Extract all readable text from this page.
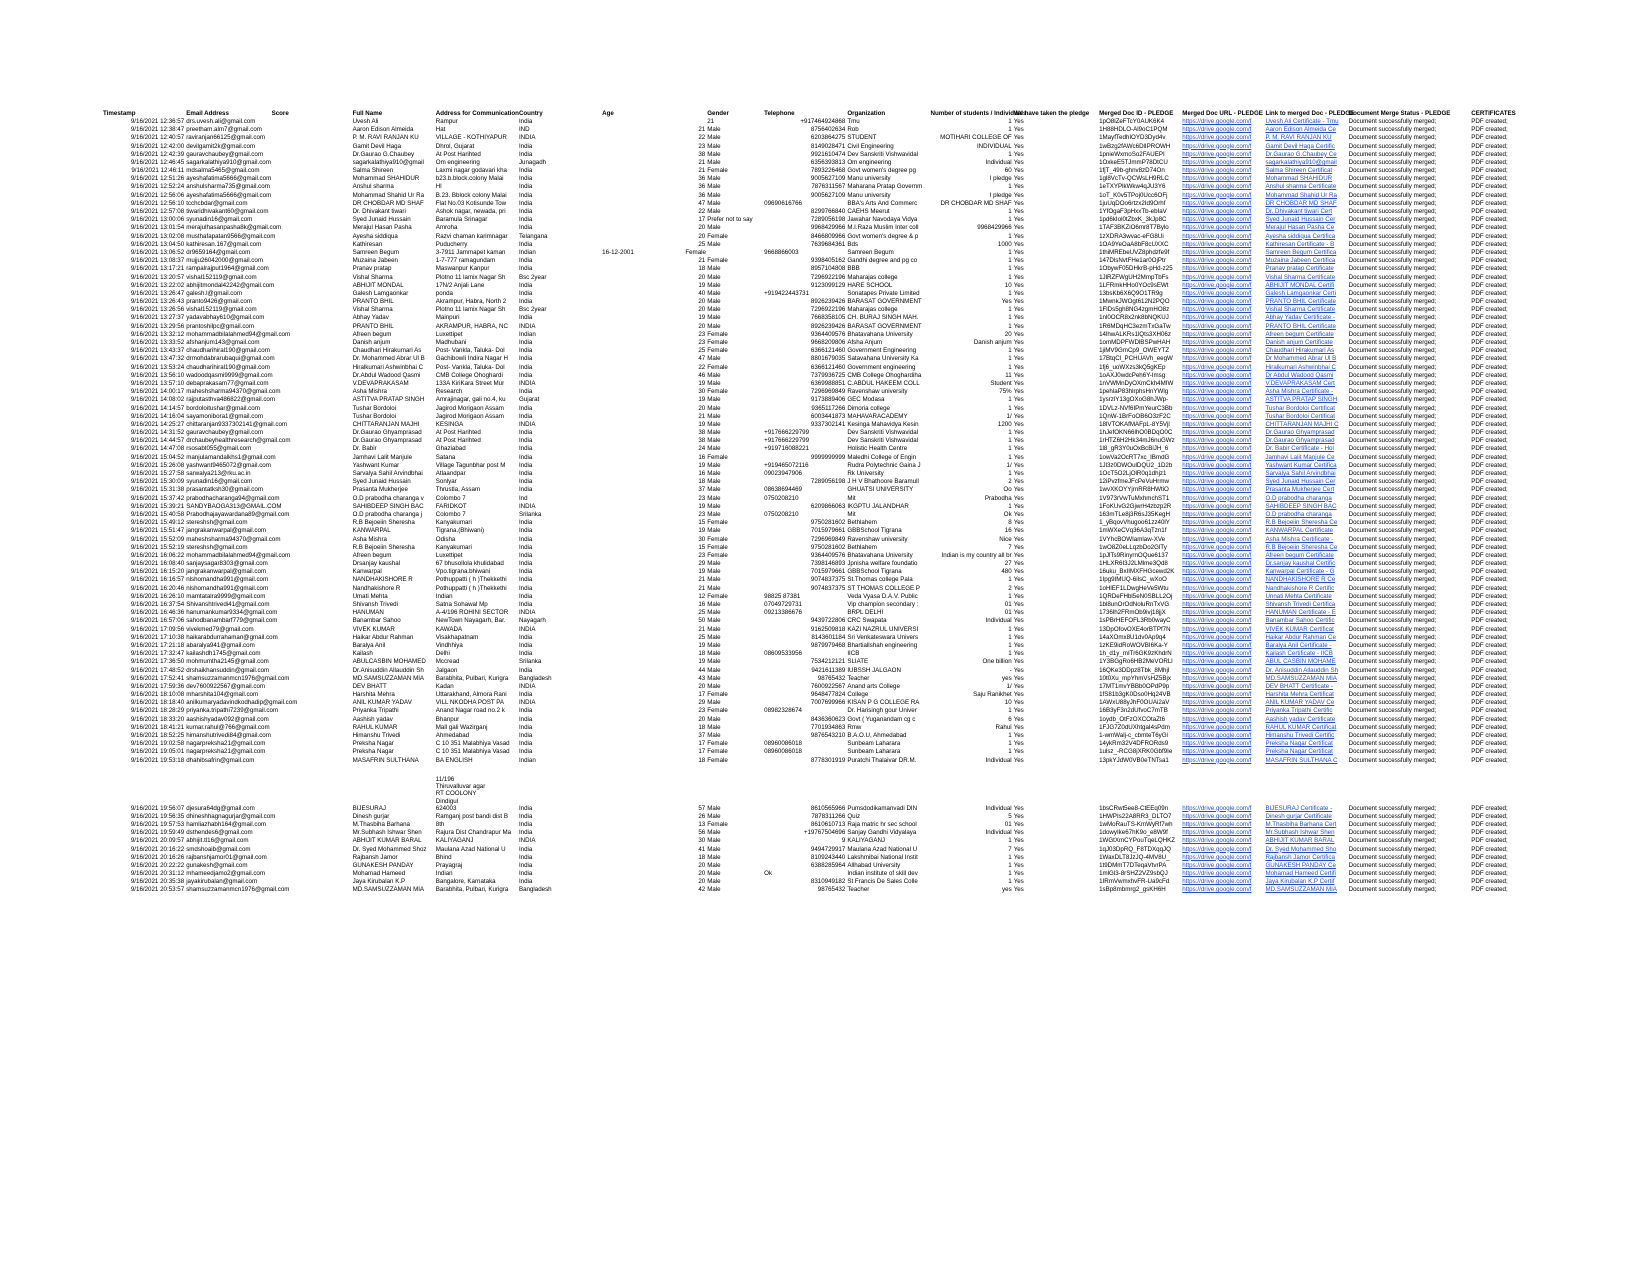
Timestamp	Email Address	Score	Full Name	Address for Communication	Country	Age		Gender	Telephone	Organization	Number of students / Individuals	We have taken the pledge		Merged Doc ID - PLEDGE	Merged Doc URL - PLEDGE	Link to merged Doc - PLEDGE	Document Merge Status - PLEDGE	CERTIFICATES
9/16/2021 12:36:57	drs.uvesh.ali@gmail.com		Uvesh Ali	Rampur	India			21	+917464924868	Tmu	1	Yes		1pO8lZeFTcY0AUK6K4	https://drive.google.com/f	Uvesh Ali Certificate - Tmu	Document successfully merged;	PDF created;
9/16/2021 12:38:47	preetham.alm7@gmail.com		Aaron Edison Almeida	Hat	IND		21	Male	8756402634	Rob	1	Yes		1H88HDLO-Al9oC1PQM	https://drive.google.com/f	Aaron Edison Almeida Ce	Document successfully merged;	PDF created;
9/16/2021 12:40:57	raviranjan66125@gmail.com		P. M. RAVI RANJAN KU	VILLAGE - KOTHIYAPUR	INDIA		22	Male	6203864275	STUDENT	MOTIHARI COLLEGE OF	Yes		1MayfTedhIOYD3Dyd4v	https://drive.google.com/f	P. M. RAVI RANJAN KU	Document successfully merged;	PDF created;
9/16/2021 12:42:00	devilgamit2k@gmail.com		Gamit Devil Haga	Dhrol, Gujarat	India		23	Male	8149028471	Civil Engineering	INDIVIDUAL	Yes		1wBzg2fAWc6DlIPROWH	https://drive.google.com/f	Gamit Devil Haga Certific	Document successfully merged;	PDF created;
9/16/2021 12:42:39	gauravchaubey@gmail.com		Dr.Gaurao G.Chaubey	At Post Harihted	India		38	Male	9921610474	Dev Sanskriti Vishwavidal	1	Yes		1pnieWxmoSo2FAUEPI	https://drive.google.com/f	Dr.Gaurao G.Chaubey Ce	Document successfully merged;	PDF created;
9/16/2021 12:46:45	sagarkalathiya910@gmail.com		sagarkalathiya910@gmail	Om engineering	Junagadh		21	Male	6356393813	Om engineering	Individual	Yes		1OxkeE5TJmmP78DtCU	https://drive.google.com/f	sagarkalathiya910@gmail	Document successfully merged;	PDF created;
9/16/2021 12:46:11	mdsalma5465@gmail.com		Salma Shireen	Laxmi nagar godavari kha	India		21	Female	7893226468	Govt women's degree pg	60	Yes		1fjT_49b-ghnv8zD74On	https://drive.google.com/f	Salma Shireen Certificat	Document successfully merged;	PDF created;
9/16/2021 12:51:26	ayeshafatima5666@gmail.com		Mohammad SHAHIDUR	b23.b.block.colony Malai	India		36	Male	9005627109	Manu university	I pledge	Yes		1gl8VcTv-QCWsLH9RLC	https://drive.google.com/f	Mohammad SHAHIDUR	Document successfully merged;	PDF created;
9/16/2021 12:52:24	anshulsharma735@gmail.com		Anshul sharma	Hl	India		36	Male	7876311567	Maharana Pratap Governm	1	Yes		1eTXYPlkWkw4qJU3Y6	https://drive.google.com/f	Anshul sharma Certificate	Document successfully merged;	PDF created;
9/16/2021 12:56:06	ayeshafatima5666@gmail.com		Mohammad Shahid Ur Ra	B.23. Bblock colony Malai	India		36	Male	9005627109	Manu university	I pledge	Yes		1oT_K0v5TPoj0Ucc6OFj	https://drive.google.com/f	Mohammad Shahid Ur Ra	Document successfully merged;	PDF created;
9/16/2021 12:56:10	tcchcbdar@gmail.com		DR CHOBDAR MD SHAF	Flat No.03 Kotisunde Tow	India		47	Male	09690616766	BBA's Arts And Commerc	DR CHOBDAR MD SHAF	Yes		1juUqDOo6rtzx2Id9Orhf	https://drive.google.com/f	DR CHOBDAR MD SHAF	Document successfully merged;	PDF created;
9/16/2021 12:57:08	tiwaridhivakant60@gmail.com		Dr. Dhivakant tiwari	Ashok nagar, newada, pri	India		22	Male	8299766840	CAEHS Meerut	1	Yes		1YfOgaF3pHxxTb-ebIaV	https://drive.google.com/f	Dr. Dhivakant tiwari Cert	Document successfully merged;	PDF created;
9/16/2021 13:00:06	syunadin16@gmail.com		Syed Junaid Hussain	Baramula Srinagar	India		17	Prefer not to say	7289056198	Jawahar Navodaya Vidya	1	Yes		1pd6kIol0tZbxK_3kJp8C	https://drive.google.com/f	Syed Junaid Hussain Cer	Document successfully merged;	PDF created;
9/16/2021 13:01:54	merajulhasanpasha8k@gmail.com		Merajul Hasan Pasha	Amroha	India		20	Male	9968429966	M.I.Raza Muslim Inter coll	9968429966	Yes		1TAF3BKZiO6mr8T7Bylo	https://drive.google.com/f	Merajul Hasan Pasha Ce	Document successfully merged;	PDF created;
9/16/2021 13:02:08	musthafapatan9566@gmail.com		Ayesha siddiqua	Razvi chaman karimnagar	Telangana		20	Female	8466809966	Govt women's degree & p	1	Yes		1zXDRA3wvac-eFG8Ui	https://drive.google.com/f	Ayesha siddiqua Certifica	Document successfully merged;	PDF created;
9/16/2021 13:04:50	kathiresan.167@gmail.com		Kathiresan	Puducherry	India		25	Male	7639684361	Bds	1000	Yes		1OA9YeOaA8bF8cUXXC	https://drive.google.com/f	Kathiresan Certificate - B	Document successfully merged;	PDF created;
9/16/2021 13:06:52	dr9659164@gmail.com		Samreen Begum	3-7911 Jammapet kaman	Indian	16-12-2001	Female		9668866003	Samreen Begum	1	Yes		1thiMREbeUVZ8phdzfe9f	https://drive.google.com/f	Samreen Begum Certifica	Document successfully merged;	PDF created;
9/16/2021 13:08:37	mujju26042000@gmail.com		Muzaina Jabeen	1-7-777 ramagundam	India		21	Female	9398405162	Gandhi degree and pg co	1	Yes		147DlsNvtFHe1ar0OjPtr	https://drive.google.com/f	Muzaina Jabeen Certifica	Document successfully merged;	PDF created;
9/16/2021 13:17:21	rampalrajput1964@gmail.com		Pranav pratap	Maswanpur Kanpur	India		18	Male	8957104808	BBB	1	Yes		1ObywF05DHkrB-pHd-z25	https://drive.google.com/f	Pranav pratap Certificate	Document successfully merged;	PDF created;
9/16/2021 13:20:57	vishal152119@gmail.com		Vishal Sharma	Plotno 11 lamix Nagar Sh	Bsc 2year		20	Male	7296922196	Maharajas college	1	Yes		1JlRZFWgUH2MmpTbFs	https://drive.google.com/f	Vishal Sharma Certificate	Document successfully merged;	PDF created;
9/16/2021 13:22:02	abhijitmondal42242@gmail.com		ABHIJIT MONDAL	17N/2 Anjali Lane	India		19	Male	9123099129	HARE SCHOOL	10	Yes		1LFRmkHHo0YOc9sEWt	https://drive.google.com/f	ABHIJIT MONDAL Certifi	Document successfully merged;	PDF created;
9/16/2021 13:26:47	galesh.l@gmail.com		Galesh Lamgaonkar	ponda	India		40	Male	+919422443731	Sonatapes Private Limited	1	Yes		13bsKb6X6Q9O1TR9g	https://drive.google.com/f	Galesh Lamgaonkar Certi	Document successfully merged;	PDF created;
9/16/2021 13:26:43	pranto9426@gmail.com		PRANTO BHIL	Akrampur, Habra, North 2	India		20	Male	8926239426	BARASAT GOVERNMENT	Yes	Yes		1MwnkJWOgt612N2PQO	https://drive.google.com/f	PRANTO BHIL Certificate	Document successfully merged;	PDF created;
9/16/2021 13:26:56	vishal152119@gmail.com		Vishal Sharma	Plotno 11 lamix Nagar Sh	Bsc 2year		20	Male	7296922196	Maharajas college	1	Yes		1FlDs5gh8NG4zgmHO8z	https://drive.google.com/f	Vishal Sharma Certificate	Document successfully merged;	PDF created;
9/16/2021 13:27:37	yadavabhay610@gmail.com		Abhay Yadav	Mainpuri	India		19	Male	7668358105	CH. BURAJ SINGH MAH.	1	Yes		1nl0OCR8x2nk8bNQKUJ	https://drive.google.com/f	Abhay Yadav Certificate -	Document successfully merged;	PDF created;
9/16/2021 13:29:56	prantoshilpc@gmail.com		PRANTO BHIL	AKRAMPUR, HABRA, NC	INDIA		20	Male	8926239426	BARASAT GOVERNMENT	1	Yes		1R6MDqHC3ezmTxGaTw	https://drive.google.com/f	PRANTO BHIL Certificate	Document successfully merged;	PDF created;
9/16/2021 13:32:12	mohammadbilalahmed94@gmail.com		Afreen begum	Luxettipet	Indian		23	Female	9364409576	Bhatavahana University	20	Yes		14lhwALKRs1lQts3XH06z	https://drive.google.com/f	Afreen begum Certificate	Document successfully merged;	PDF created;
9/16/2021 13:33:52	afshanjum143@gmail.com		Danish anjum	Madhubani	India		23	Female	9668209806	Afsha Anjum	Danish anjum	Yes		1omMDPFWDlBSPwHAH	https://drive.google.com/f	Danish anjum Certificate	Document successfully merged;	PDF created;
9/16/2021 13:43:37	chaudharihiral190@gmail.com		Chaudhari Hirakumari As	Post- Vankla, Taluka- Dol	India		25	Female	6366121460	Government Engineering	1	Yes		1jiMV9GmCp9_OWEYTZ	https://drive.google.com/f	Chaudhari Hirakumari As	Document successfully merged;	PDF created;
9/16/2021 13:47:32	drmohdabrarubaqui@gmail.com		Dr. Mohammed Abrar Ul B	Gachibowli Indira Nagar H	India		47	Male	8801679035	Satavahana University Ka	1	Yes		17BtqCl_PCHUAVh_eegW	https://drive.google.com/f	Dr Mohammed Abrar Ul B	Document successfully merged;	PDF created;
9/16/2021 13:53:24	chaudharihiral190@gmail.com		Hiralkumari Ashwinbhai C	Post- Vankla, Taluka- Dol	India		22	Female	6366121460	Government engineering	1	Yes		1fj6_uoWXzs3kQ5gKEp	https://drive.google.com/f	Hiralkumari Ashwinbhai C	Document successfully merged;	PDF created;
9/16/2021 13:56:10	wadoodqasmi9999@gmail.com		Dr.Abdul Wadood Qasmi	CMB College Ohoghardi	India		46	Male	7379936725	CMB College Ohoghardiha	11	Yes		1oAXJ0wdcPeh6Y-Imsg	https://drive.google.com/f	Dr Abdul Wadood Qasmi	Document successfully merged;	PDF created;
9/16/2021 13:57:10	debaprakasam77@gmail.com		V.DEVAPRAKASAM	133A KiriKara Street Mur	INDIA		19	Male	6369988851	C.ABDUL HAKEEM COLL	Student	Yes		1nVWMnDyOXmCkh4MIW	https://drive.google.com/f	V.DEVAPRAKASAM Cert	Document successfully merged;	PDF created;
9/16/2021 14:00:17	maheshsharma94370@gmail.com		Asha Mishra	Research	India		30	Female	7296969849	Ravenshaw university	75%	Yes		1pehlaP83hlrphsHnYWlg	https://drive.google.com/f	Asha Mishra Certificate -	Document successfully merged;	PDF created;
9/16/2021 14:08:02	rajputasthva486822@gmail.com		ASTITVA PRATAP SINGH	Amrajinagar, gali no.4, ku	Gujarat		19	Male	9173889406	GEC Modasa	1	Yes		1ysrzlY13gOXoG8hJWp-	https://drive.google.com/f	ASTITVA PRATAP SINGH	Document successfully merged;	PDF created;
9/16/2021 14:14:57	bordoloitushar@gmail.com		Tushar Bordoloi	Jagirod Morigaon Assam	India		20	Male	9365117266	Dimoria college	1	Yes		1DVLz-NVf6IPmYeurC3Bb	https://drive.google.com/f	Tushar Bordoloi Certificat	Document successfully merged;	PDF created;
9/16/2021 14:16:04	sayamonibora1@gmail.com		Tushar Bordoloi	Jagirod Morigaon Assam	India		21	Male	6003441873	MAHAVARACADEMY	1/	Yes		1QnW-1BrFoOB6O3zF2C	https://drive.google.com/f	Tushar Bordoloi Certificat	Document successfully merged;	PDF created;
9/16/2021 14:25:27	chittaranjan9337302141@gmail.com		CHITTARANJAN MAJHI	KESINGA	INDIA		19	Male	9337302141	Kesinga Mahavidya Kesin	1200	Yes		18lVTOKAfMAFpL-8Y5Vjl	https://drive.google.com/f	CHITTARANJAN MAJHI C	Document successfully merged;	PDF created;
9/16/2021 14:31:52	gauravchaubey@gmail.com		Dr.Gaurao Ghyamprasad	At Post Harihted	India		38	Male	+917666229799	Dev Sanskriti Vishwavidal	1	Yes		1hJefOKN66lhO0BDqO0C	https://drive.google.com/f	Dr.Gaurao Ghyamprasad	Document successfully merged;	PDF created;
9/16/2021 14:44:57	drchaubeyhealthresearch@gmail.com		Dr.Gaurao Ghyamprasad	At Post Harihted	India		38	Male	+917666229799	Dev Sanskriti Vishwavidal	1	Yes		1rHTZ6H2Hk34mJ6nuGWz	https://drive.google.com/f	Dr.Gaurao Ghyamprasad	Document successfully merged;	PDF created;
9/16/2021 14:47:08	rsosabt055@gmail.com		Dr. Babir	Ghaziabad	India		24	Male	+919716088221	Holistic Health Centre	1	Yes		1l8_gR3Y0uOxBcBiJH_6	https://drive.google.com/f	Dr. Babir Certificate - Hol	Document successfully merged;	PDF created;
9/16/2021 15:04:52	manjulamandalkhs1@gmail.com		Jamhavi Lalit Manjule	Satana	India		16	Female	9999999999	Maledhi College of Engin	1	Yes		1owVa2OcRT7xc_IBmdG	https://drive.google.com/f	Jamhavi Lalit Manjule Ce	Document successfully merged;	PDF created;
9/16/2021 15:26:08	yashwant9465072@gmail.com		Yashwant Kumar	Village Tagunbhar post M	India		19	Male	+919465072116	Rudra Polytechnic Gaina J	1/	Yes		1Jl3z0DWOulDQU2_1D2b	https://drive.google.com/f	Yashwant Kumar Certifica	Document successfully merged;	PDF created;
9/16/2021 15:27:58	sarwalya213@rku.ac.in		Sarvalya Sahil Arvindbhai	Atlaandpar	India		16	Male	09023947906	Rk University	1	Yes		1OcT5O2LjOlR0q1dhjz1	https://drive.google.com/f	Sarvalya Sahil Arvindbhai	Document successfully merged;	PDF created;
9/16/2021 15:30:09	syunadin16@gmail.com		Syed Junaid Hussain	Sonlyar	India		18	Male	7289056198	J H V Bhathoore Baramull	2	Yes		12iPvzfmeJFcPeVuHrmw	https://drive.google.com/f	Syed Junaid Hussain Cer	Document successfully merged;	PDF created;
9/16/2021 15:31:38	prasantatksh30@gmail.com		Prasanta Mukherjee	Thrustla, Assam	India		37	Male	08638694469	GHUATSI UNIVERSITY	Oo	Yes		1wvXKOYYjrnRR8HWtiO	https://drive.google.com/f	Prasanta Mukherjee Cert	Document successfully merged;	PDF created;
9/16/2021 15:37:42	prabodhacharanga94@gmail.com		O.D prabodha charanga v	Colombo 7	Ind		23	Male	0750208210	Mit	Prabodha	Yes		1V973rVwTuMxhmchST1	https://drive.google.com/f	O.D prabodha charanga	Document successfully merged;	PDF created;
9/16/2021 15:39:21	SANDYBAOGA313@GMAIL.COM		SAHIBDEEP SINGH BAC	FARIDKOT	INDIA		19	Male	6209866063	IKGPTU JALANDHAR	1	Yes		1FoKUvG2GjwrH4zbzp2R	https://drive.google.com/f	SAHIBDEEP SINGH BAC	Document successfully merged;	PDF created;
9/16/2021 15:40:58	Prabodhajayawardana89@gmail.com		O.D prabodha charanga j	Colombo 7	Srilanka		23	Male	0750208210	Mit	Ok	Yes		163mTLe8j3R6sJ35KegH	https://drive.google.com/f	O.D prabodha charanga	Document successfully merged;	PDF created;
9/16/2021 15:49:12	stereshsh@gmail.com		R.B Bejoeiin Sheresha	Kanyakumari	India		15	Female	9750281602	Bethlahem	8	Yes		1_yBqovVhugoo61zz40lY	https://drive.google.com/f	R.B Bejoeiin Sheresha Ce	Document successfully merged;	PDF created;
9/16/2021 15:51:47	jangrakanwarpal@gmail.com		KANWARPAL	Tigrana.(Bhiwani)	India		19	Male	7015979661	GBBSchool Tigrana	16	Yes		1mWXeCVq36A3qTzn1f	https://drive.google.com/f	KANWARPAL Certificate	Document successfully merged;	PDF created;
9/16/2021 15:52:09	maheshsharma94370@gmail.com		Asha Mishra	Odisha	India		30	Female	7296969849	Ravenshaw university	Nice	Yes		1VYhcBOWIamlaw-XVe	https://drive.google.com/f	Asha Mishra Certificate -	Document successfully merged;	PDF created;
9/16/2021 15:52:19	stereshsh@gmail.com		R.B Bejoeiin Sheresha	Kanyakumari	India		15	Female	9750281602	Bethlahem	7	Yes		1wO8Z0eLLqzbDo2GlTy	https://drive.google.com/f	R.B Bejoeiin Sheresha Ce	Document successfully merged;	PDF created;
9/16/2021 16:06:22	mohammadbilalahmed94@gmail.com		Afreen begum	Luxettipet	India		23	Female	9364409576	Bhatavahana University	Indian is my country all br	Yes		1pJlTs9RinyrnOQue6137	https://drive.google.com/f	Afreen begum Certificate	Document successfully merged;	PDF created;
9/16/2021 16:08:40	sanjaysagar8303@gmail.com		Drsanjay kaushal	67 bhusollola khulidabad	India		29	Male	7398146893	Jpnisha welfare foundatio	27	Yes		1HLXR6I3J2LMlme3Qd8	https://drive.google.com/f	Dr.sanjay kaushal Certific	Document successfully merged;	PDF created;
9/16/2021 16:15:20	jangrakanwarpal@gmail.com		Kanwarpal	Vpo.tigrana.bhiwani	India		19	Male	7015979661	GBBSchool Tigrana	480	Yes		16uku_BxIIMXFHGcewd2K	https://drive.google.com/f	Kanwarpal Certificate - G	Document successfully merged;	PDF created;
9/16/2021 16:16:57	nlshomandha991@gmail.com		NANDHAKISHORE R	Pothuppatti ( h )Thekkethi	India		21	Male	9074837375	St.Thomas college Pala	1	Yes		1Ipg9IMUQ-6ilsC_wXoO	https://drive.google.com/f	NANDHAKISHORE R Ce	Document successfully merged;	PDF created;
9/16/2021 16:20:46	nlshomandha991@gmail.com		Nandhakishore R	Pothuppatti ( h )Thekkethi	India		21	Male	9074837375	ST THOMAS COLLEGE P	2	Yes		1oHlEF1LDwgHeVe5Wtu	https://drive.google.com/f	Nandhakishore R Certific	Document successfully merged;	PDF created;
9/16/2021 16:26:10	mamtatalra9999@gmail.com		Umati Mehta	Indian	India		12	Female	98825 87381	Veda Vyasa D.A.V. Public	1	Yes		1QRDeFHbl5eN0SBLL2Oj	https://drive.google.com/f	Unnati Mehta Certificate	Document successfully merged;	PDF created;
9/16/2021 16:37:54	Shivanshtrivedi41@gmail.com		Shivansh Trivedi	Satna Sohawal Mp	India		16	Male	07049729731	Vip champion secondary :	01	Yes		1bl8unOrOdNoluRnTxVG	https://drive.google.com/f	Shivansh Trivedi Certifica	Document successfully merged;	PDF created;
9/16/2021 16:46:36	hanumankumar9334@gmail.com		HANUMAN	A-4/196 ROHINI SECTOR	INDIA		25	Male	09213386676	BRPL DELHI	01	Yes		1736lh2FRmOb9ivj18jjX	https://drive.google.com/f	HANUMAN Certificate - E	Document successfully merged;	PDF created;
9/16/2021 16:57:06	sahodbanambarf779@gmail.com		Banambar Sahoo	NewTown Nayagarh, Bar.	Nayagarh		50	Male	9439722806	CRC Swapata	Individual	Yes		1sPBrHEFOFL3Rb0wayC	https://drive.google.com/f	Banambar Sahoo Certific	Document successfully merged;	PDF created;
9/16/2021 17:09:56	vivekmed79@gmail.com		VIVEK KUMAR	KAWADA	INDIA		21	Male	9162509818	KAZI NAZRUL UNIVERSI	1	Yes		13DpOfovOXE4orBTPf7N	https://drive.google.com/f	VIVEK KUMAR Certificat	Document successfully merged;	PDF created;
9/16/2021 17:10:38	haikarabdurrahaman@gmail.com		Haikar Abdur Rahman	Visakhapatnam	India		25	Male	8143601184	Sri Venkateswara Univers	1	Yes		14aXOmx8U1dv0Ap9q4	https://drive.google.com/f	Haikar Abdur Rahman Ce	Document successfully merged;	PDF created;
9/16/2021 17:21:18	abaralya941@gmail.com		Baralya Anil	Vindhhiya	India		19	Male	9879979468	Bhartiallshah engineering	1	Yes		1zKE9idRoWOVBI6Ka-Y	https://drive.google.com/f	Baralya Anil Certificate -	Document successfully merged;	PDF created;
9/16/2021 17:32:47	kailashdh1745@gmail.com		Kailash	Delhi	India		18	Male	08609533956	IICB	1	Yes		1h_d1y_mITr6GK9zKhdrN	https://drive.google.com/f	Kailash Certificate - IICB	Document successfully merged;	PDF created;
9/16/2021 17:36:50	mohmumtha2145@gmail.com		ABULCASBIN MOHAMED	Mccread	Srilanka		19	Male	7534212121	SLIATE	One billion	Yes		1Y3BGgRo6HB2MeVORLl	https://drive.google.com/f	ABUL CASBIN MOHAME	Document successfully merged;	PDF created;
9/16/2021 17:48:52	drshaikhansuddin@gmail.com		Dr.Anisuddin Allauddin Sh	Jalgaon	India		44	Male	9421611389	IUBSSH JALGAON	-	Yes		16QKe3DDpz8Tbk_8MhjI	https://drive.google.com/f	Dr. Anisuddin Allauddin Sh	Document successfully merged;	PDF created;
9/16/2021 17:52:41	shamsuzzamanmcn1976@gmail.com		MD.SAMSUZZAMAN MIA	Barabhita, Pulbari, Kurigra	Bangladesh		43	Male	98765432	Teacher	yes	Yes		10t0Xu_mpYhmVsHZ5Bjx	https://drive.google.com/f	MD.SAMSUZZAMAN MIA	Document successfully merged;	PDF created;
9/16/2021 17:59:36	dev7600922567@gmail.com		DEV BHATT	Kadan	INDIA		20	Male	7600922567	Anand arts College	1/	Yes		17MT1mvYBBb0OPdP9p	https://drive.google.com/f	DEV BHATT Certificate -	Document successfully merged;	PDF created;
9/16/2021 18:10:08	mharshita104@gmail.com		Harshita Mehra	Uttarakhand, Almora Rani	India		17	Female	9648477824	College	Saju Ranikhet	Yes		1fS81b3gK0Dso0Hq24VB	https://drive.google.com/f	Harshita Mehra Certificat	Document successfully merged;	PDF created;
9/16/2021 18:18:40	anilkumaryadavindkodhadip@gmail.com		ANIL KUMAR YADAV	VILL NKODHA POST PA	INDIA		29	Male	7007699966	KISAN P G COLLEGE RA	10	Yes		1AWxU88yJhF0OUAi2aV	https://drive.google.com/f	ANIL KUMAR YADAV Ce	Document successfully merged;	PDF created;
9/16/2021 18:28:29	priyanka.tripathi7239@gmail.com		Priyanka Tripathi	Anand Nagar road no.2 k	India		23	Female	08982328674	Dr. Harisingh gour Univer	1	Yes		16B3yF3n2dUfvoC7mTB	https://drive.google.com/f	Priyanka Tripathi Certific	Document successfully merged;	PDF created;
9/16/2021 18:33:20	aashishyadav092@gmail.com		Aashish yadav	Bhanpur	India		20	Male	8436360623	Govt ( Yuganandam cg c	6	Yes		1oydb_OtFzOXCOtaZt6	https://drive.google.com/f	Aashish yadav Certificate	Document successfully merged;	PDF created;
9/16/2021 18:41:21	kumar.rahul@766@gmail.com		RAHUL KUMAR	Mall gali Wazirganj	India		18	Male	7701934863	Rmw	Rahul	Yes		1FJG7Z0dUXhtgaI4sPdm	https://drive.google.com/f	RAHUL KUMAR Certificat	Document successfully merged;	PDF created;
9/16/2021 18:52:25	himanshutrivedi84@gmail.com		Himanshu Trivedi	Ahmedabad	India		37	Male	9876543210	B.A.O.U, Ahmedabad	1	Yes		1-wmWalj-c_cbmteT6yGl	https://drive.google.com/f	Himanshu Trivedi Certific	Document successfully merged;	PDF created;
9/16/2021 19:02:58	nagarpreksha21@gmail.com		Preksha Nagar	C 10 351 Malabhiya Vasad	India		17	Female	08960086018	Sunbeam Laharara	1	Yes		14ykRm32V4DFRORds9	https://drive.google.com/f	Preksha Nagar Certificat	Document successfully merged;	PDF created;
9/16/2021 19:05:01	nagarpreksha21@gmail.com		Preksha Nagar	C 10 351 Malabhiya Vasad	India		17	Female	08960086018	Sunbeam Laharara	1	Yes		1ulsz_-RCG8jXRK0Gbf9Ie	https://drive.google.com/f	Preksha Nagar Certificat	Document successfully merged;	PDF created;
9/16/2021 19:53:18	dhahibsafrin@gmail.com		MASAFRIN SULTHANA	BA ENGLISH	Indian		18	Female	8778301919	Puratchi Thalaivar DR.M.	Individual	Yes		13pkYJdW0VB0eTNTsa1	https://drive.google.com/f	MASAFRIN SULTHANA C	Document successfully merged;	PDF created;
9/16/2021 19:56:07	djesura64dg@gmail.com		BIJESURAJ	11/196
Thiruvalluvar agar
RT COOLONY
Dindigul
624003	India		57	Male	8610565966	Pumsdodikamanvadi DIN	Individual	Yes		1bsCRwt5ee8-CtEEq09n	https://drive.google.com/f	BIJESURAJ Certificate -	Document successfully merged;	PDF created;
9/16/2021 19:56:35	dhineshhagnagurjar@gmail.com		Dinesh gurjar	Ramganj post bandi dist B	India		26	Male	7878311266	Quiz	5	Yes		1HWPIs22A8RR3_DLTO7	https://drive.google.com/f	Dinesh gurjar Certificate	Document successfully merged;	PDF created;
9/16/2021 19:57:53	hamliazhabh164@gmail.com		M.Thasbiha Barhana	8th	India		13	Female	8610610713	Raja matric hr sec school	01	Yes		1wMoRauTS-KmWyRf7wh	https://drive.google.com/f	M.Thasbiha Barhana Cert	Document successfully merged;	PDF created;
9/16/2021 19:59:49	dsthendes6@gmail.com		Mr.Subhash Ishwar Shen	Rajura Dist Chandrapur Ma	India		56	Male	+19767504696	Sanjay Gandhi Vidyalaya	Individual	Yes		1dowyIke67hK9o_e8W9f	https://drive.google.com/f	Mr.Subhash Ishwar Shen	Document successfully merged;	PDF created;
9/16/2021 20:09:57	abhijit.tl16@gmail.com		ABHIJIT KUMAR BARAL	KALIYAGANJ	INDIA		30	Male	9	KALIYAGANJ	1	Yes		1WGtXmCYPouTqeLQHKZ	https://drive.google.com/f	ABHIJIT KUMAR BARAL	Document successfully merged;	PDF created;
9/16/2021 20:16:22	smdshoaib@gmail.com		Dr. Syed Mohammed Shoz	Maulana Azad National U	India		41	Male	9494729917	Maulana Azad National U	7	Yes		1qJ03DpRQ_F8TDXqqJQ	https://drive.google.com/f	Dr. Syed Mohammed Sho	Document successfully merged;	PDF created;
9/16/2021 20:16:26	rajbanshjamor01@gmail.com		Rajbansh Jamor	Bhind	India		18	Male	8109243440	Lakshmibai National Instit	1	Yes		1WaxDLT8JzJQ-4MV8U_	https://drive.google.com/f	Rajbansh Jamor Certifica	Document successfully merged;	PDF created;
9/16/2021 20:22:22	gunakesh@gmail.com		GUNAKESH PANDAY	Prayagraj	India		20	Male	6388285964	Allhabad University	1	Yes		1t9DMmT7DTeqaVtvrPA	https://drive.google.com/f	GUNAKESH PANDAY Ce	Document successfully merged;	PDF created;
9/16/2021 20:31:12	mhameedjamo2@gmail.com		Mohamad Hameed	Indian	India		20	Male	Ok	Indian institute of skill dev	1	Yes		1mlGl3-8rSHZ2VZ9sbQJ	https://drive.google.com/f	Mohamad Hameed Certifi	Document successfully merged;	PDF created;
9/16/2021 20:35:38	jayakirubalan@gmail.com		Jaya Kirubalan K.P	Bangalore, Karnataka	India		20	Male	8310949182	St Francis De Sales Colle	1	Yes		1IRmVwmxhvFR-Ua9cFd	https://drive.google.com/f	Jaya Kirubalan K.P Certif	Document successfully merged;	PDF created;
9/16/2021 20:53:57	shamsuzzamanmcn1976@gmail.com		MD.SAMSUZZAMAN MIA	Barabhita, Pulbari, Kurigra	Bangladesh		42	Male	98765432	Teacher	yes	Yes		1sBp8mbmrg2_gsKH6H	https://drive.google.com/f	MD.SAMSUZZAMAN MIA	Document successfully merged;	PDF created;
